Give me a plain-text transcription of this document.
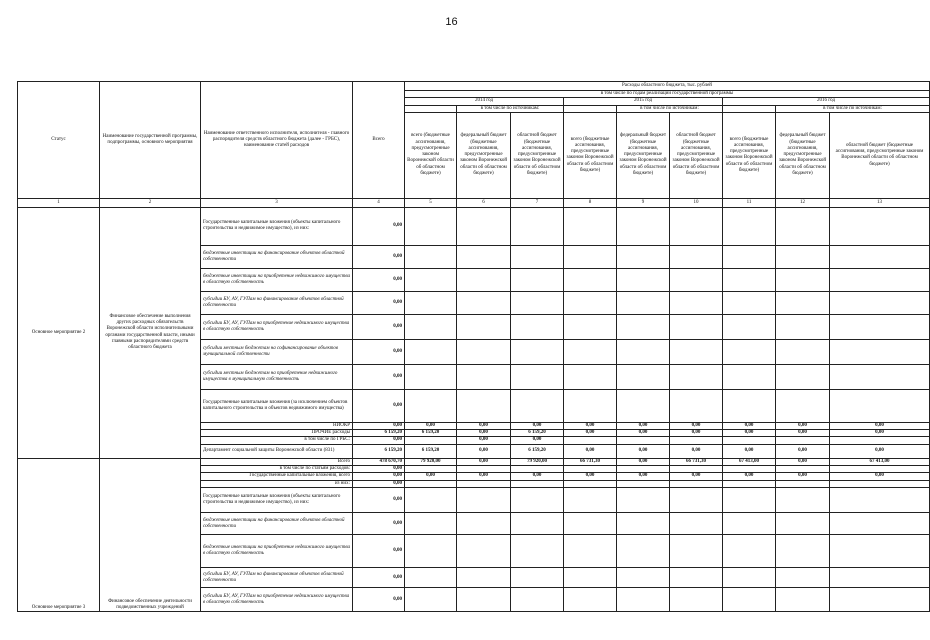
16
Статус	Наименование государственной программы, подпрограммы, основного мероприятия	Наименование ответственного исполнителя, исполнителя - главного распорядителя средств областного бюджета (далее - ГРБС), наименование статей расходов	Всего	Расходы областного бюджета, тыс. рублей								
				в том числе по годам реализации государственной программы								
				2014 год			2015 год			2016 год		
					в том числе по источникам:			в том числе по источникам:			в том числе по источникам:	
				всего (бюджетные ассигнования, предусмотренные законом Воронежской области об областном бюджете)	федеральный бюджет (бюджетные ассигнования, предусмотренные законом Воронежской области об областном бюджете)	областной бюджет (бюджетные ассигнования, предусмотренные законом Воронежской области об областном бюджете)	всего (бюджетные ассигнования, предусмотренные законом Воронежской области об областном бюджете)	федеральный бюджет (бюджетные ассигнования, предусмотренные законом Воронежской области об областном бюджете)	областной бюджет (бюджетные ассигнования, предусмотренные законом Воронежской области об областном бюджете)	всего (бюджетные ассигнования, предусмотренные законом Воронежской области об областном бюджете)	федеральный бюджет (бюджетные ассигнования, предусмотренные законом Воронежской области об областном бюджете)	областной бюджет (бюджетные ассигнования, предусмотренные законом Воронежской области об областном бюджете)
1	2	3	4	5	6	7	8	9	10	11	12	13
Основное мероприятие 2	Финансовое обеспечение выполнения других расходных обязательств Воронежской области исполнительными органами государственной власти, иными главными распорядителями средств областного бюджета	Государственные капитальные вложения (объекты капитального строительства и недвижимое имущество), из них:	0,00									
		бюджетные инвестиции на финансирование объектов областной собственности	0,00									
		бюджетные инвестиции на приобретение недвижимого имущества в областную собственность	0,00									
		субсидии БУ, АУ, ГУПам на финансирование объектов областной собственности	0,00									
		субсидии БУ, АУ, ГУПам на приобретение недвижимого имущества в областную собственность	0,00									
		субсидии местным бюджетам на софинансирование объектов муниципальной собственности	0,00									
		субсидии местным бюджетам на приобретение недвижимого имущества в муниципальную собственность	0,00									
		Государственные капитальные вложения (за исключением объектов капитального строительства и объектов недвижимого имущества)	0,00									
		НИОКР	0,00	0,00	0,00	0,00	0,00	0,00	0,00	0,00	0,00	0,00
		ПРОЧИЕ расходы	6 159,20	6 159,20	0,00	6 159,20	0,00	0,00	0,00	0,00	0,00	0,00
		в том числе по ГРБС:	0,00		0,00	0,00						
		Департамент социальной защиты Воронежской области (831)	6 159,20	6 159,20	0,00	6 159,20	0,00	0,00	0,00	0,00	0,00	0,00
Основное мероприятие 3	Финансовое обеспечение деятельности подведомственных учреждений	Всего	478 670,70	79 920,00	0,00	79 920,00	66 731,30	0,00	66 731,30	67 413,00	0,00	67 413,00
		в том числе по статьям расходов:	0,00									
		Государственные капитальные вложения, всего	0,00	0,00	0,00	0,00	0,00	0,00	0,00	0,00	0,00	0,00
		из них:	0,00									
		Государственные капитальные вложения (объекты капитального строительства и недвижимое имущество), из них:	0,00									
		бюджетные инвестиции на финансирование объектов областной собственности	0,00									
		бюджетные инвестиции на приобретение недвижимого имущества в областную собственность	0,00									
		субсидии БУ, АУ, ГУПам на финансирование объектов областной собственности	0,00									
		субсидии БУ, АУ, ГУПам на приобретение недвижимого имущества в областную собственность	0,00									
